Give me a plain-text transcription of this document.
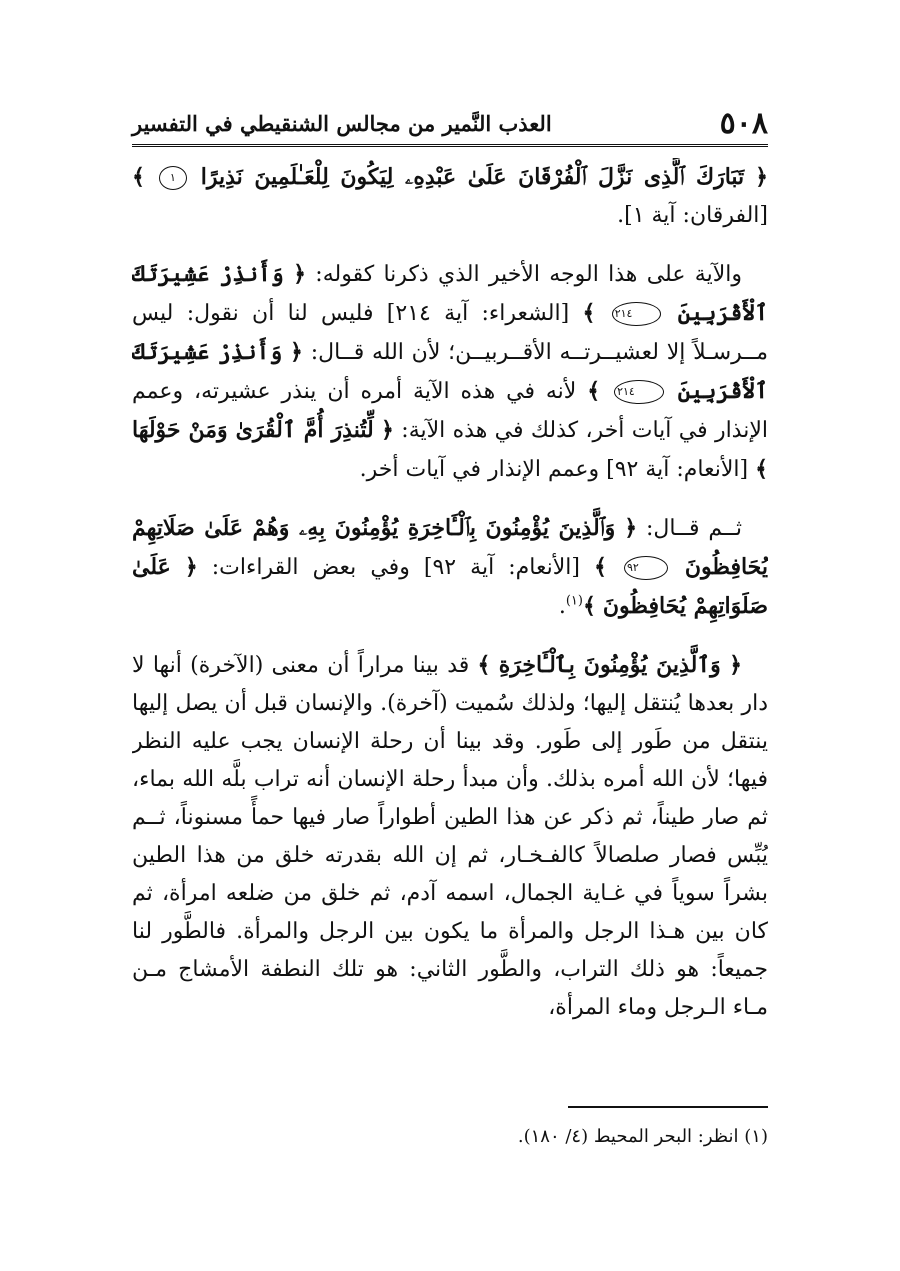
٥٠٨
العذب النَّمير من مجالس الشنقيطي في التفسير

﴿ تَبَارَكَ ٱلَّذِى نَزَّلَ ٱلْفُرْقَانَ عَلَىٰ عَبْدِهِۦ لِيَكُونَ لِلْعَـٰلَمِينَ نَذِيرًا ١ ﴾ [الفرقان: آية ١].

والآية على هذا الوجه الأخير الذي ذكرنا كقوله: ﴿ وَأَنذِرْ عَشِيرَتَكَ ٱلْأَقْرَبِينَ ٢١٤ ﴾ [الشعراء: آية ٢١٤] فليس لنا أن نقول: ليس مــرسـلاً إلا لعشيــرتــه الأقــربيــن؛ لأن الله قــال: ﴿ وَأَنذِرْ عَشِيرَتَكَ ٱلْأَقْرَبِينَ ٢١٤ ﴾ لأنه في هذه الآية أمره أن ينذر عشيرته، وعمم الإنذار في آيات أخر، كذلك في هذه الآية: ﴿ لِّتُنذِرَ أُمَّ ٱلْقُرَىٰ وَمَنْ حَوْلَهَا ﴾ [الأنعام: آية ٩٢] وعمم الإنذار في آيات أخر.

ثــم قــال: ﴿ وَٱلَّذِينَ يُؤْمِنُونَ بِٱلْـَٔاخِرَةِ يُؤْمِنُونَ بِهِۦ وَهُمْ عَلَىٰ صَلَاتِهِمْ يُحَافِظُونَ ٩٢ ﴾ [الأنعام: آية ٩٢] وفي بعض القراءات: ﴿ عَلَىٰ صَلَوَاتِهِمْ يُحَافِظُونَ ﴾$^{(١)}$.

﴿ وَٱلَّذِينَ يُؤْمِنُونَ بِٱلْـَٔاخِرَةِ ﴾ قد بينا مراراً أن معنى (الآخرة) أنها لا دار بعدها يُنتقل إليها؛ ولذلك سُميت (آخرة). والإنسان قبل أن يصل إليها ينتقل من طَور إلى طَور. وقد بينا أن رحلة الإنسان يجب عليه النظر فيها؛ لأن الله أمره بذلك. وأن مبدأ رحلة الإنسان أنه تراب بلَّه الله بماء، ثم صار طيناً، ثم ذكر عن هذا الطين أطواراً صار فيها حمأً مسنوناً، ثــم يُبِّس فصار صلصالاً كالفـخـار، ثم إن الله بقدرته خلق من هذا الطين بشراً سوياً في غـاية الجمال، اسمه آدم، ثم خلق من ضلعه امرأة، ثم كان بين هـذا الرجل والمرأة ما يكون بين الرجل والمرأة. فالطَّور لنا جميعاً: هو ذلك التراب، والطَّور الثاني: هو تلك النطفة الأمشاج مـن مـاء الـرجل وماء المرأة،

(١) انظر: البحر المحيط (٤/ ١٨٠).
